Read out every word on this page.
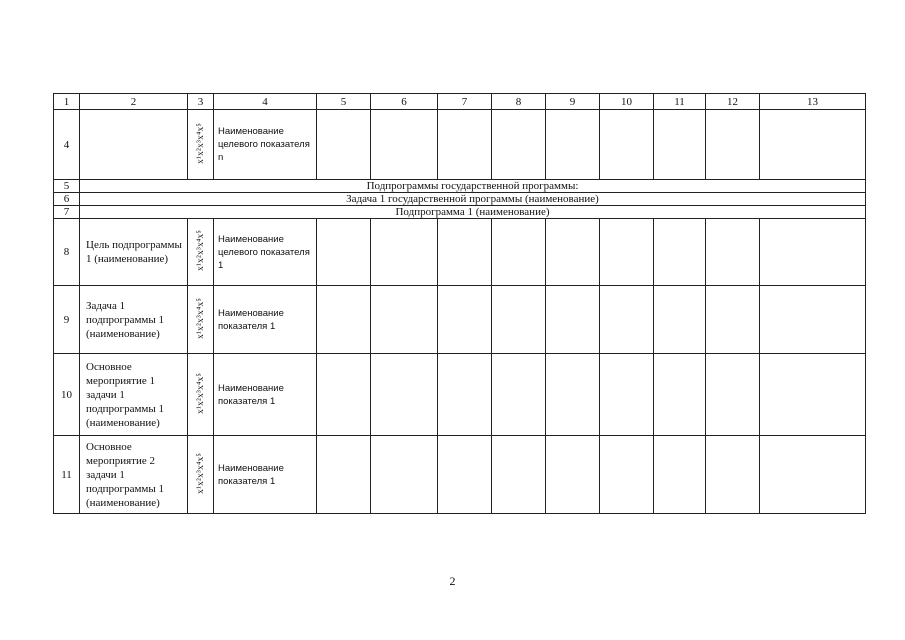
1	2	3	4	5	6	7	8	9	10	11	12	13
4		x¹x²x³x⁴x⁵	Наименование целевого показателя n									
5	Подпрограммы государственной программы:											
6	Задача 1 государственной программы (наименование)											
7	Подпрограмма 1 (наименование)											
8	Цель подпрограммы 1 (наименование)	x¹x²x³x⁴x⁵	Наименование целевого показателя 1									
9	Задача 1 подпрограммы 1 (наименование)	x¹x²x³x⁴x⁵	Наименование показателя 1									
10	Основное мероприятие 1 задачи 1 подпрограммы 1 (наименование)	x¹x²x³x⁴x⁵	Наименование показателя 1									
11	Основное мероприятие 2 задачи 1 подпрограммы 1 (наименование)	x¹x²x³x⁴x⁵	Наименование показателя 1									
2
